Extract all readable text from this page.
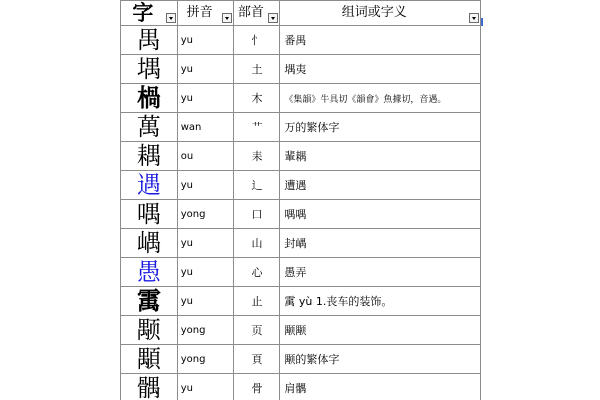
字	拼音	部首	组词或字义

禺	yu	忄	番禺
堣	yu	土	堣夷
楇	yu	木	《集韻》牛具切《韻會》魚據切，音遇。
萬	wan	艹	万的繁体字
耦	ou	耒	輩耦
遇	yu	辶	遭遇
喁	yong	口	喁喁
嵎	yu	山	封嵎
愚	yu	心	愚弄
䨞	yu	止	䨞 yù 1.丧车的装饰。
颙	yong	页	颙颙
顒	yong	頁	颙的繁体字
髃	yu	骨	肩髃
